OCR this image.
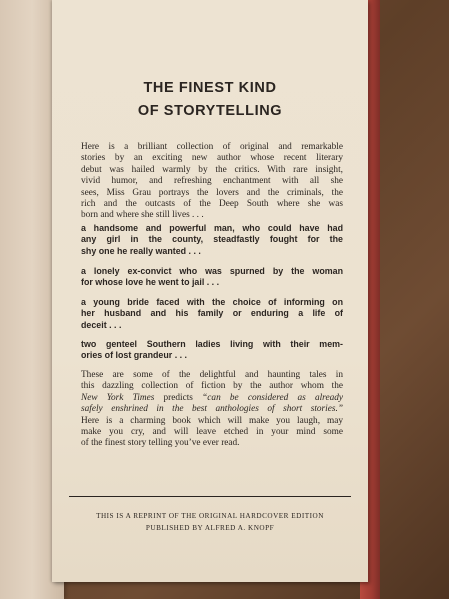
THE FINEST KIND
OF STORYTELLING
Here is a brilliant collection of original and remarkable
stories by an exciting new author whose recent literary
debut was hailed warmly by the critics. With rare insight,
vivid humor, and refreshing enchantment with all she
sees, Miss Grau portrays the lovers and the criminals, the
rich and the outcasts of the Deep South where she was
born and where she still lives . . .
a handsome and powerful man, who could have had
any girl in the county, steadfastly fought for the
shy one he really wanted . . .
a lonely ex-convict who was spurned by the woman
for whose love he went to jail . . .
a young bride faced with the choice of informing on
her husband and his family or enduring a life of
deceit . . .
two genteel Southern ladies living with their mem-
ories of lost grandeur . . .
These are some of the delightful and haunting tales in
this dazzling collection of fiction by the author whom the
New York Times predicts “can be considered as already
safely enshrined in the best anthologies of short stories.”
Here is a charming book which will make you laugh, may
make you cry, and will leave etched in your mind some
of the finest story telling you’ve ever read.
THIS IS A REPRINT OF THE ORIGINAL HARDCOVER EDITION
PUBLISHED BY ALFRED A. KNOPF
